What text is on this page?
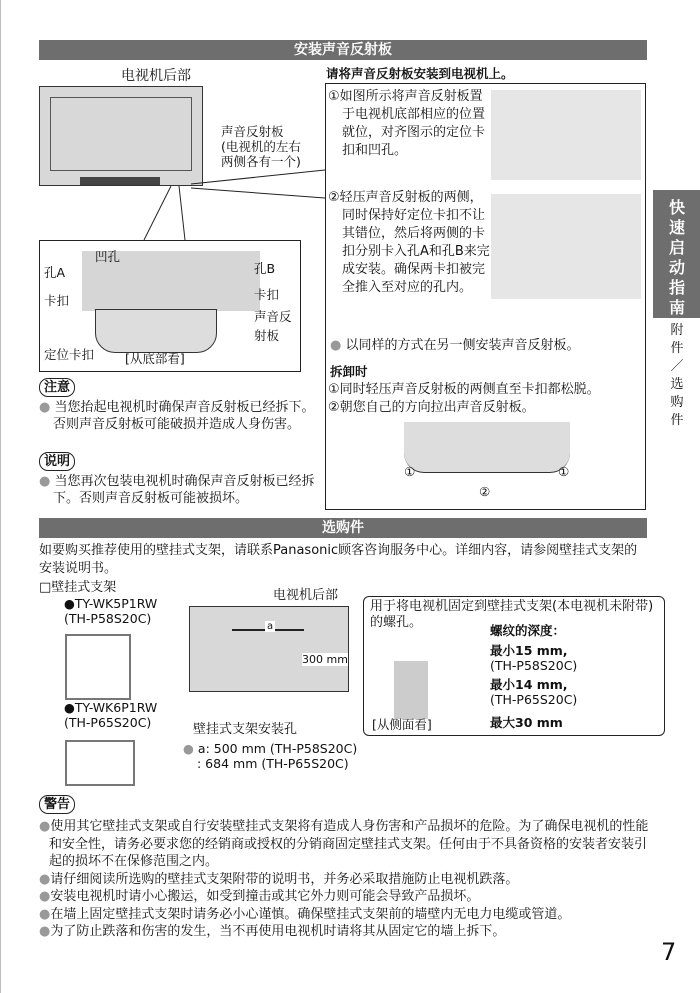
安装声音反射板
电视机后部
声音反射板
(电视机的左右
两侧各有一个)
凹孔
孔A	孔B
卡扣	卡扣
声音反
射板
定位卡扣 [从底部看]
注意
● 当您抬起电视机时确保声音反射板已经拆下。否则声音反射板可能破损并造成人身伤害。
说明
● 当您再次包装电视机时确保声音反射板已经拆下。否则声音反射板可能被损坏。
请将声音反射板安装到电视机上。
①如图所示将声音反射板置于电视机底部相应的位置就位，对齐图示的定位卡扣和凹孔。
②轻压声音反射板的两侧，同时保持好定位卡扣不让其错位，然后将两侧的卡扣分别卡入孔A和孔B来完成安装。确保两卡扣被完全推入至对应的孔内。
● 以同样的方式在另一侧安装声音反射板。
拆卸时
①同时轻压声音反射板的两侧直至卡扣都松脱。
②朝您自己的方向拉出声音反射板。
①	①
②
快速启动指南
附件／选购件
选购件
如要购买推荐使用的壁挂式支架，请联系Panasonic顾客咨询服务中心。详细内容，请参阅壁挂式支架的安装说明书。
□壁挂式支架
●TY-WK5P1RW
(TH-P58S20C)
●TY-WK6P1RW
(TH-P65S20C)
电视机后部
a
300 mm
壁挂式支架安装孔
● a: 500 mm (TH-P58S20C)
: 684 mm (TH-P65S20C)
用于将电视机固定到壁挂式支架(本电视机未附带)的螺孔。
螺纹的深度：
最小15 mm,
(TH-P58S20C)
最小14 mm,
(TH-P65S20C)
最大30 mm
[从侧面看]
警告
●使用其它壁挂式支架或自行安装壁挂式支架将有造成人身伤害和产品损坏的危险。为了确保电视机的性能和安全性，请务必要求您的经销商或授权的分销商固定壁挂式支架。任何由于不具备资格的安装者安装引起的损坏不在保修范围之内。
●请仔细阅读所选购的壁挂式支架附带的说明书，并务必采取措施防止电视机跌落。
●安装电视机时请小心搬运，如受到撞击或其它外力则可能会导致产品损坏。
●在墙上固定壁挂式支架时请务必小心谨慎。确保壁挂式支架前的墙壁内无电力电缆或管道。
●为了防止跌落和伤害的发生，当不再使用电视机时请将其从固定它的墙上拆下。
7
